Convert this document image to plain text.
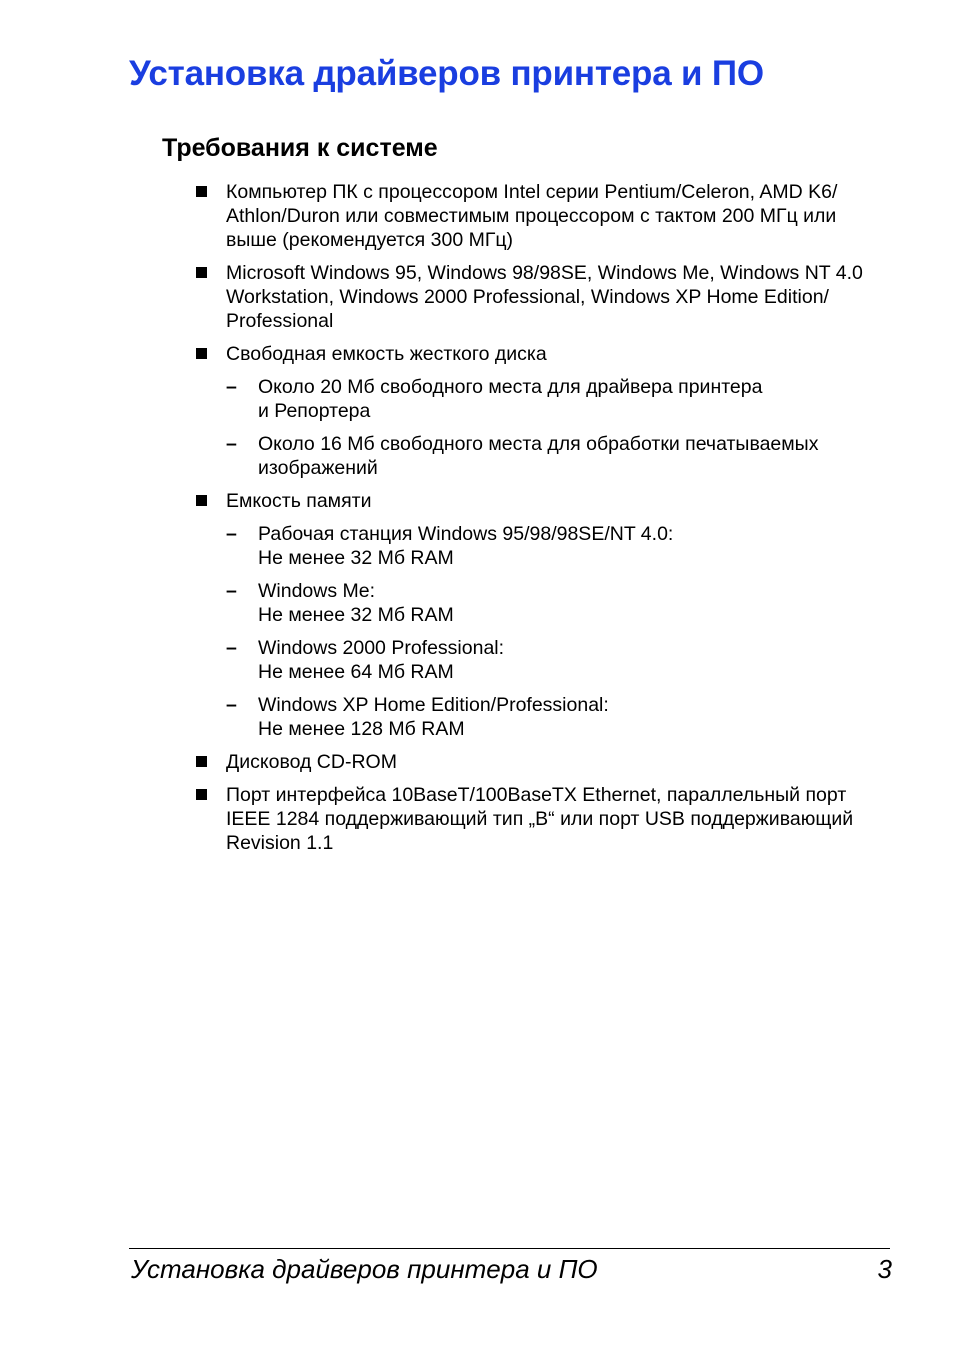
Установка драйверов принтера и ПО
Требования к системе
Компьютер ПК с процессором Intel серии Pentium/Celeron, AMD K6/
Athlon/Duron или совместимым процессором с тактом 200 МГц или
выше (рекомендуется 300 МГц)
Microsoft Windows 95, Windows 98/98SE, Windows Me, Windows NT 4.0
Workstation, Windows 2000 Professional, Windows XP Home Edition/
Professional
Свободная емкость жесткого диска
– Около 20 Мб свободного места для драйвера принтера
и Репортера
– Около 16 Мб свободного места для обработки печатываемых
изображений
Емкость памяти
– Рабочая станция Windows 95/98/98SE/NT 4.0:
Не менее 32 Мб RAM
– Windows Me:
Не менее 32 Мб RAM
– Windows 2000 Professional:
Не менее 64 Мб RAM
– Windows XP Home Edition/Professional:
Не менее 128 Мб RAM
Дисковод CD-ROM
Порт интерфейса 10BaseT/100BaseTX Ethernet, параллельный порт
IEEE 1284 поддерживающий тип „B“ или порт USB поддерживающий
Revision 1.1
Установка драйверов принтера и ПО	3
